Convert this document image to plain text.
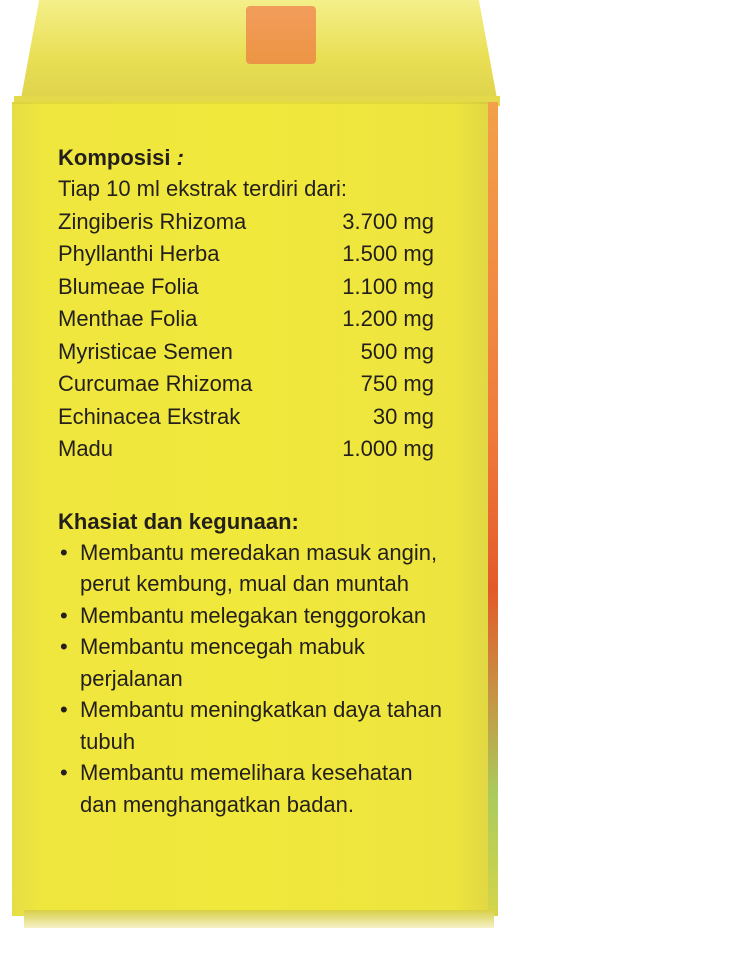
Komposisi :
Tiap 10 ml ekstrak terdiri dari:
Zingiberis Rhizoma	3.700 mg
Phyllanthi Herba	1.500 mg
Blumeae Folia	1.100 mg
Menthae Folia	1.200 mg
Myristicae Semen	500 mg
Curcumae Rhizoma	750 mg
Echinacea Ekstrak	30 mg
Madu	1.000 mg
Khasiat dan kegunaan:
• Membantu meredakan masuk angin, perut kembung, mual dan muntah
• Membantu melegakan tenggorokan
• Membantu mencegah mabuk perjalanan
• Membantu meningkatkan daya tahan tubuh
• Membantu memelihara kesehatan dan menghangatkan badan.
